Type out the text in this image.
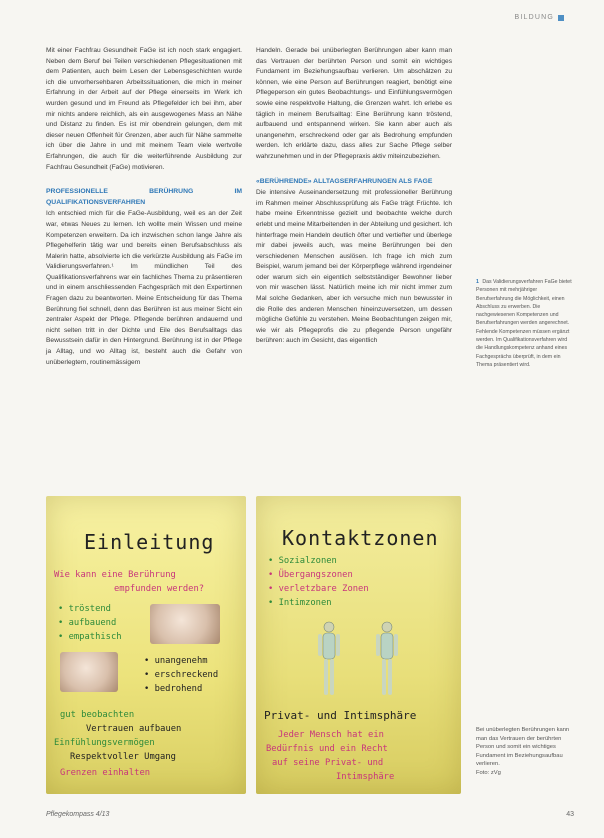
BILDUNG

Mit einer Fachfrau Gesundheit FaGe ist ich noch stark engagiert. Neben dem Beruf bei Teilen verschiedenen Pflegesituationen mit dem Patienten, auch beim Lesen der Lebensgeschichten wurde ich die unvorhersehbaren Arbeitssituationen, die mich in meiner Erfahrung in der Arbeit auf der Pflege einerseits im Werk ich wurden gesund und im Freund als Pflegefelder ich bei ihm, aber mir nichts andere reichlich, als ein ausgewogenes Mass an Nähe und Distanz zu finden. Es ist mir obendrein gelungen, dem mit dieser neuen Offenheit für Grenzen, aber auch für Nähe sammelte ich über die Jahre in und mit meinem Team viele wertvolle Erfahrungen, die auch für die weiterführende Ausbildung zur Fachfrau Gesundheit (FaGe) motivieren.

PROFESSIONELLE BERÜHRUNG IM QUALIFIKATIONSVERFAHREN

Ich entschied mich für die FaGe-Ausbildung, weil es an der Zeit war, etwas Neues zu lernen. Ich wollte mein Wissen und meine Kompetenzen erweitern. Da ich inzwischen schon lange Jahre als Pflegehelferin tätig war und bereits einen Berufsabschluss als Malerin hatte, absolvierte ich die verkürzte Ausbildung als FaGe im Validierungsverfahren.¹ Im mündlichen Teil des Qualifikationsverfahrens war ein fachliches Thema zu präsentieren und in einem anschliessenden Fachgespräch mit den Expertinnen Fragen dazu zu beantworten. Meine Entscheidung für das Thema Berührung fiel schnell, denn das Berühren ist aus meiner Sicht ein zentraler Aspekt der Pflege. Pflegende berühren andauernd und nicht selten tritt in der Dichte und Eile des Berufsalltags das Bewusstsein dafür in den Hintergrund. Berührung ist in der Pflege ja Alltag, und wo Alltag ist, besteht auch die Gefahr von unüberlegtem, routinemässigem

Handeln. Gerade bei unüberlegten Berührungen aber kann man das Vertrauen der berührten Person und somit ein wichtiges Fundament im Beziehungsaufbau verlieren. Um abschätzen zu können, wie eine Person auf Berührungen reagiert, benötigt eine Pflegeperson ein gutes Beobachtungs- und Einfühlungsvermögen sowie eine respektvolle Haltung, die Grenzen wahrt. Ich erlebe es täglich in meinem Berufsalltag: Eine Berührung kann tröstend, aufbauend und entspannend wirken. Sie kann aber auch als unangenehm, erschreckend oder gar als Bedrohung empfunden werden. Ich erklärte dazu, dass alles zur Sache Pflege selber wahrzunehmen und in der Pflegepraxis aktiv miteinzubeziehen.

«BERÜHRENDE» ALLTAGSERFAHRUNGEN ALS FAGE

Die intensive Auseinandersetzung mit professioneller Berührung im Rahmen meiner Abschlussprüfung als FaGe trägt Früchte. Ich habe meine Erkenntnisse gezielt und beobachte welche durch erlebt und meine Mitarbeitenden in der Abteilung und gesichert. Ich hinterfrage mein Handeln deutlich öfter und vertiefter und überlege mir dabei jeweils auch, was meine Berührungen bei den verschiedenen Menschen auslösen. Ich frage ich mich zum Beispiel, warum jemand bei der Körperpflege während irgendeiner oder warum sich ein eigentlich selbstständiger Bewohner lieber von mir waschen lässt. Natürlich meine ich mir nicht immer zum Mal solche Gedanken, aber ich versuche mich nun bewusster in die Rolle des anderen Menschen hineinzuversetzen, um dessen mögliche Gefühle zu verstehen. Meine Beobachtungen zeigen mir, wie wir als Pflegeprofis die zu pflegende Person ungefähr berühren: auch im Gesicht, das eigentlich

1 Das Validierungsverfahren FaGe bietet Personen mit mehrjähriger Berufserfahrung die Möglichkeit, einen Abschluss zu erwerben. Die nachgewiesenen Kompetenzen und Berufserfahrungen werden angerechnet. Fehlende Kompetenzen müssen ergänzt werden. Im Qualifikationsverfahren wird die Handlungskompetenz anhand eines Fachgesprächs überprüft, in dem ein Thema präsentiert wird.
Einleitung
Wie kann eine Berührung
empfunden werden?
• tröstend
• aufbauend
• empathisch
• unangenehm
• erschreckend
• bedrohend
gut beobachten
Vertrauen aufbauen
Einfühlungsvermögen
Respektvoller Umgang
Grenzen einhalten
Kontaktzonen
• Sozialzonen
• Übergangszonen
• verletzbare Zonen
• Intimzonen
Privat- und Intimsphäre
Jeder Mensch hat ein
Bedürfnis und ein Recht
auf seine Privat- und
Intimsphäre
Bei unüberlegten Berührungen kann man das Vertrauen der berührten Person und somit ein wichtiges Fundament im Beziehungsaufbau verlieren.
Foto: zVg
Pflegekompass 4/13	43
